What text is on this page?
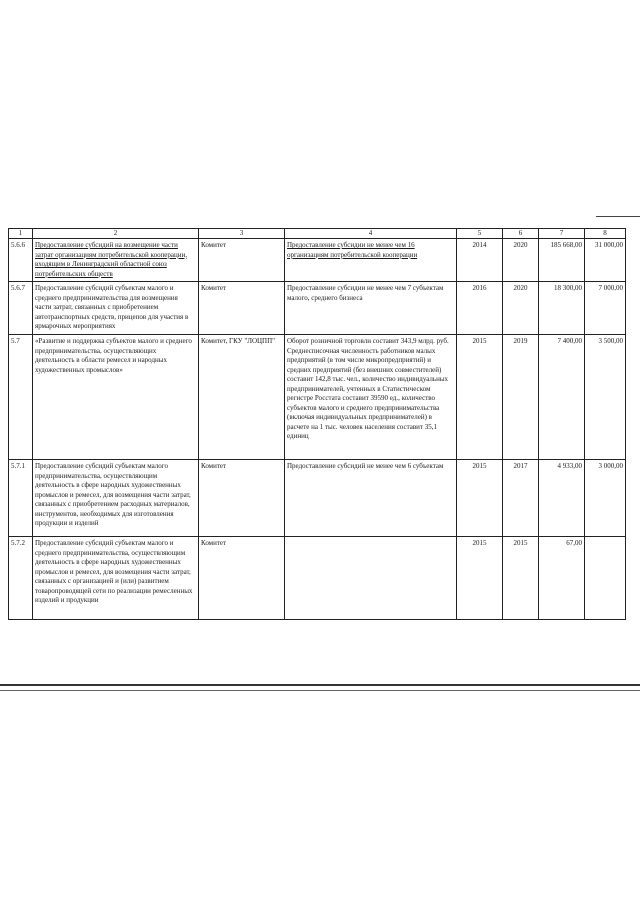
1	2	3	4	5	6	7	8
5.6.6	Предоставление субсидий на возмещение части затрат организациям потребительской кооперации, входящим в Ленинградский областной союз потребительских обществ	Комитет	Предоставление субсидии не менее чем 16 организациям потребительской кооперации	2014	2020	185 668,00	31 000,00
5.6.7	Предоставление субсидий субъектам малого и среднего предпринимательства для возмещения части затрат, связанных с приобретением автотранспортных средств, прицепов для участия в ярмарочных мероприятиях	Комитет	Предоставление субсидии не менее чем 7 субъектам малого, среднего бизнеса	2016	2020	18 300,00	7 000,00
5.7	«Развитие и поддержка субъектов малого и среднего предпринимательства, осуществляющих деятельность в области ремесел и народных художественных промыслов»	Комитет, ГКУ "ЛОЦПП"	Оборот розничной торговли составит 343,9 млрд. руб. Среднесписочная численность работников малых предприятий (в том числе микропредприятий) и средних предприятий (без внешних совместителей) составит 142,8 тыс. чел., количество индивидуальных предпринимателей, учтенных в Статистическом регистре Росстата составит 39590 ед., количество субъектов малого и среднего предпринимательства (включая индивидуальных предпринимателей) в расчете на 1 тыс. человек населения составит 35,1 единиц	2015	2019	7 400,00	3 500,00
5.7.1	Предоставление субсидий субъектам малого предпринимательства, осуществляющим деятельность в сфере народных художественных промыслов и ремесел, для возмещения части затрат, связанных с приобретением расходных материалов, инструментов, необходимых для изготовления продукции и изделий	Комитет	Предоставление субсидий не менее чем 6 субъектам	2015	2017	4 933,00	3 000,00
5.7.2	Предоставление субсидий субъектам малого и среднего предпринимательства, осуществляющим деятельность в сфере народных художественных промыслов и ремесел, для возмещения части затрат, связанных с организацией и (или) развитием товаропроводящей сети по реализации ремесленных изделий и продукции	Комитет		2015	2015	67,00	
